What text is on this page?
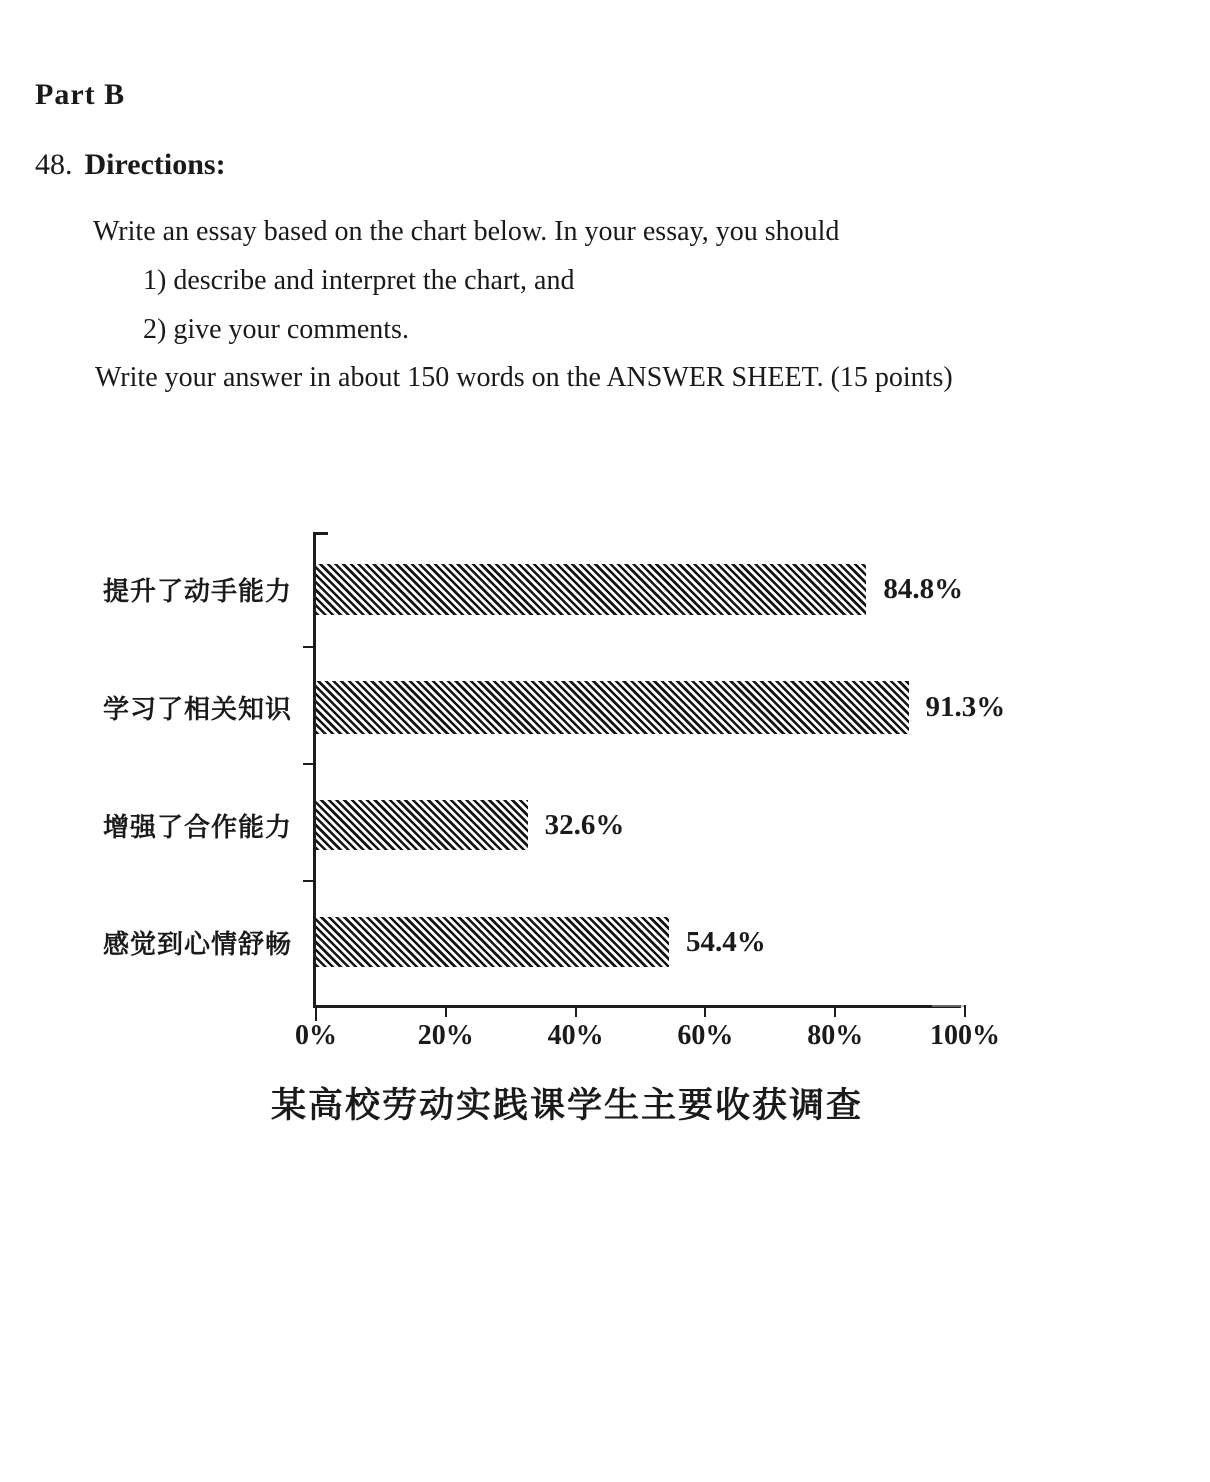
Part B
48. Directions:
Write an essay based on the chart below. In your essay, you should
1) describe and interpret the chart, and
2) give your comments.
Write your answer in about 150 words on the ANSWER SHEET. (15 points)
提升了动手能力	84.8%
学习了相关知识	91.3%
增强了合作能力	32.6%
感觉到心情舒畅	54.4%
0%	20%	40%	60%	80%	100%
某高校劳动实践课学生主要收获调查
